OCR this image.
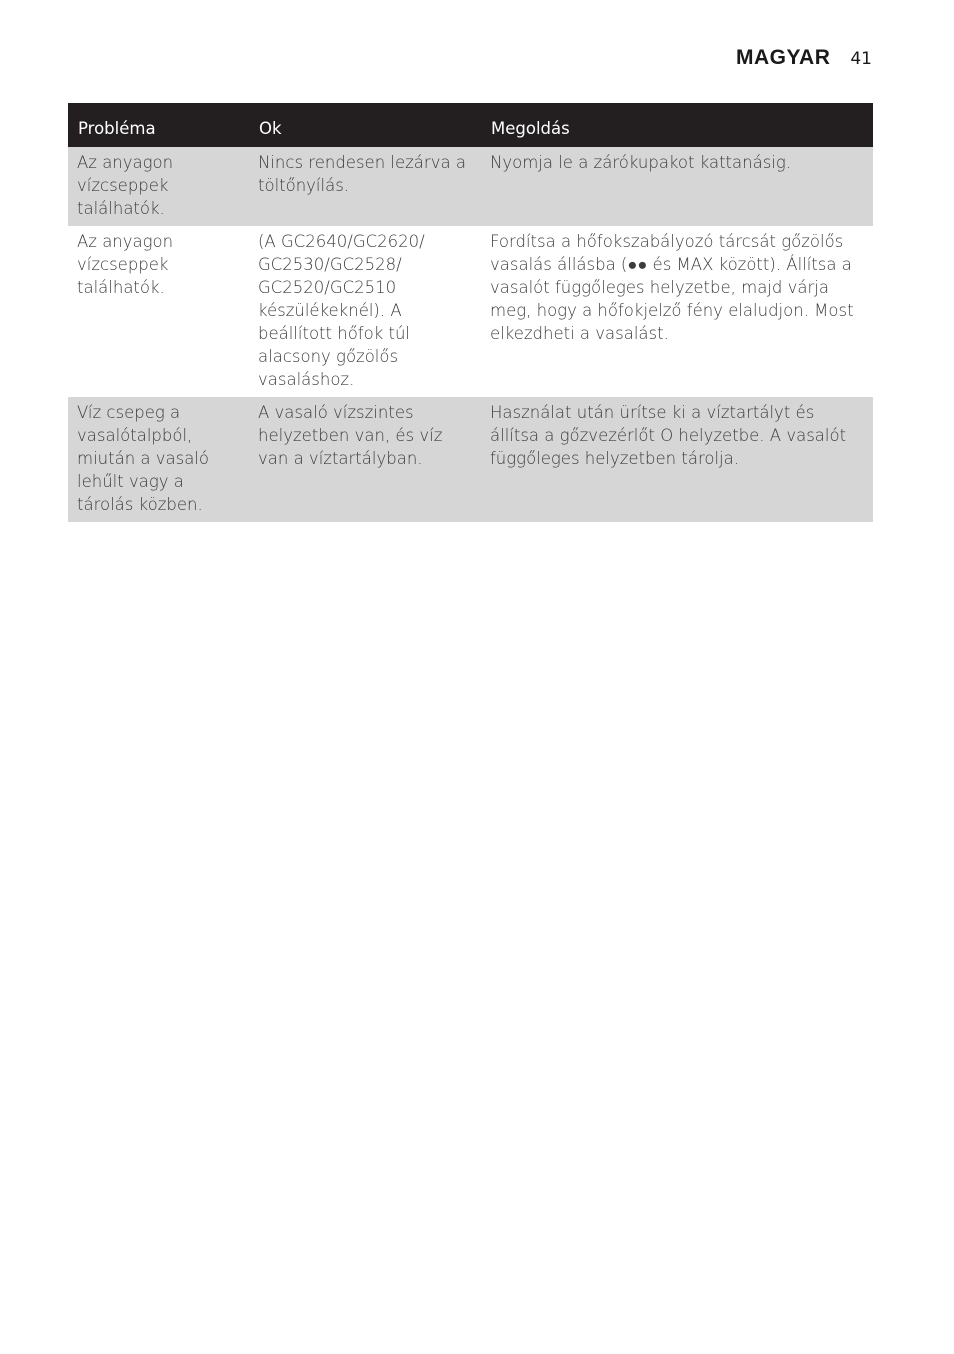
MAGYAR 41
Probléma	Ok	Megoldás
Az anyagon vízcseppek találhatók.	Nincs rendesen lezárva a töltőnyílás.	Nyomja le a zárókupakot kattanásig.
Az anyagon vízcseppek találhatók.	(A GC2640/GC2620/ GC2530/GC2528/ GC2520/GC2510 készülékeknél). A beállított hőfok túl alacsony gőzölős vasaláshoz.	Fordítsa a hőfokszabályozó tárcsát gőzölős vasalás állásba (●● és MAX között). Állítsa a vasalót függőleges helyzetbe, majd várja meg, hogy a hőfokjelző fény elaludjon. Most elkezdheti a vasalást.
Víz csepeg a vasalótalpból, miután a vasaló lehűlt vagy a tárolás közben.	A vasaló vízszintes helyzetben van, és víz van a víztartályban.	Használat után ürítse ki a víztartályt és állítsa a gőzvezérlőt O helyzetbe. A vasalót függőleges helyzetben tárolja.
